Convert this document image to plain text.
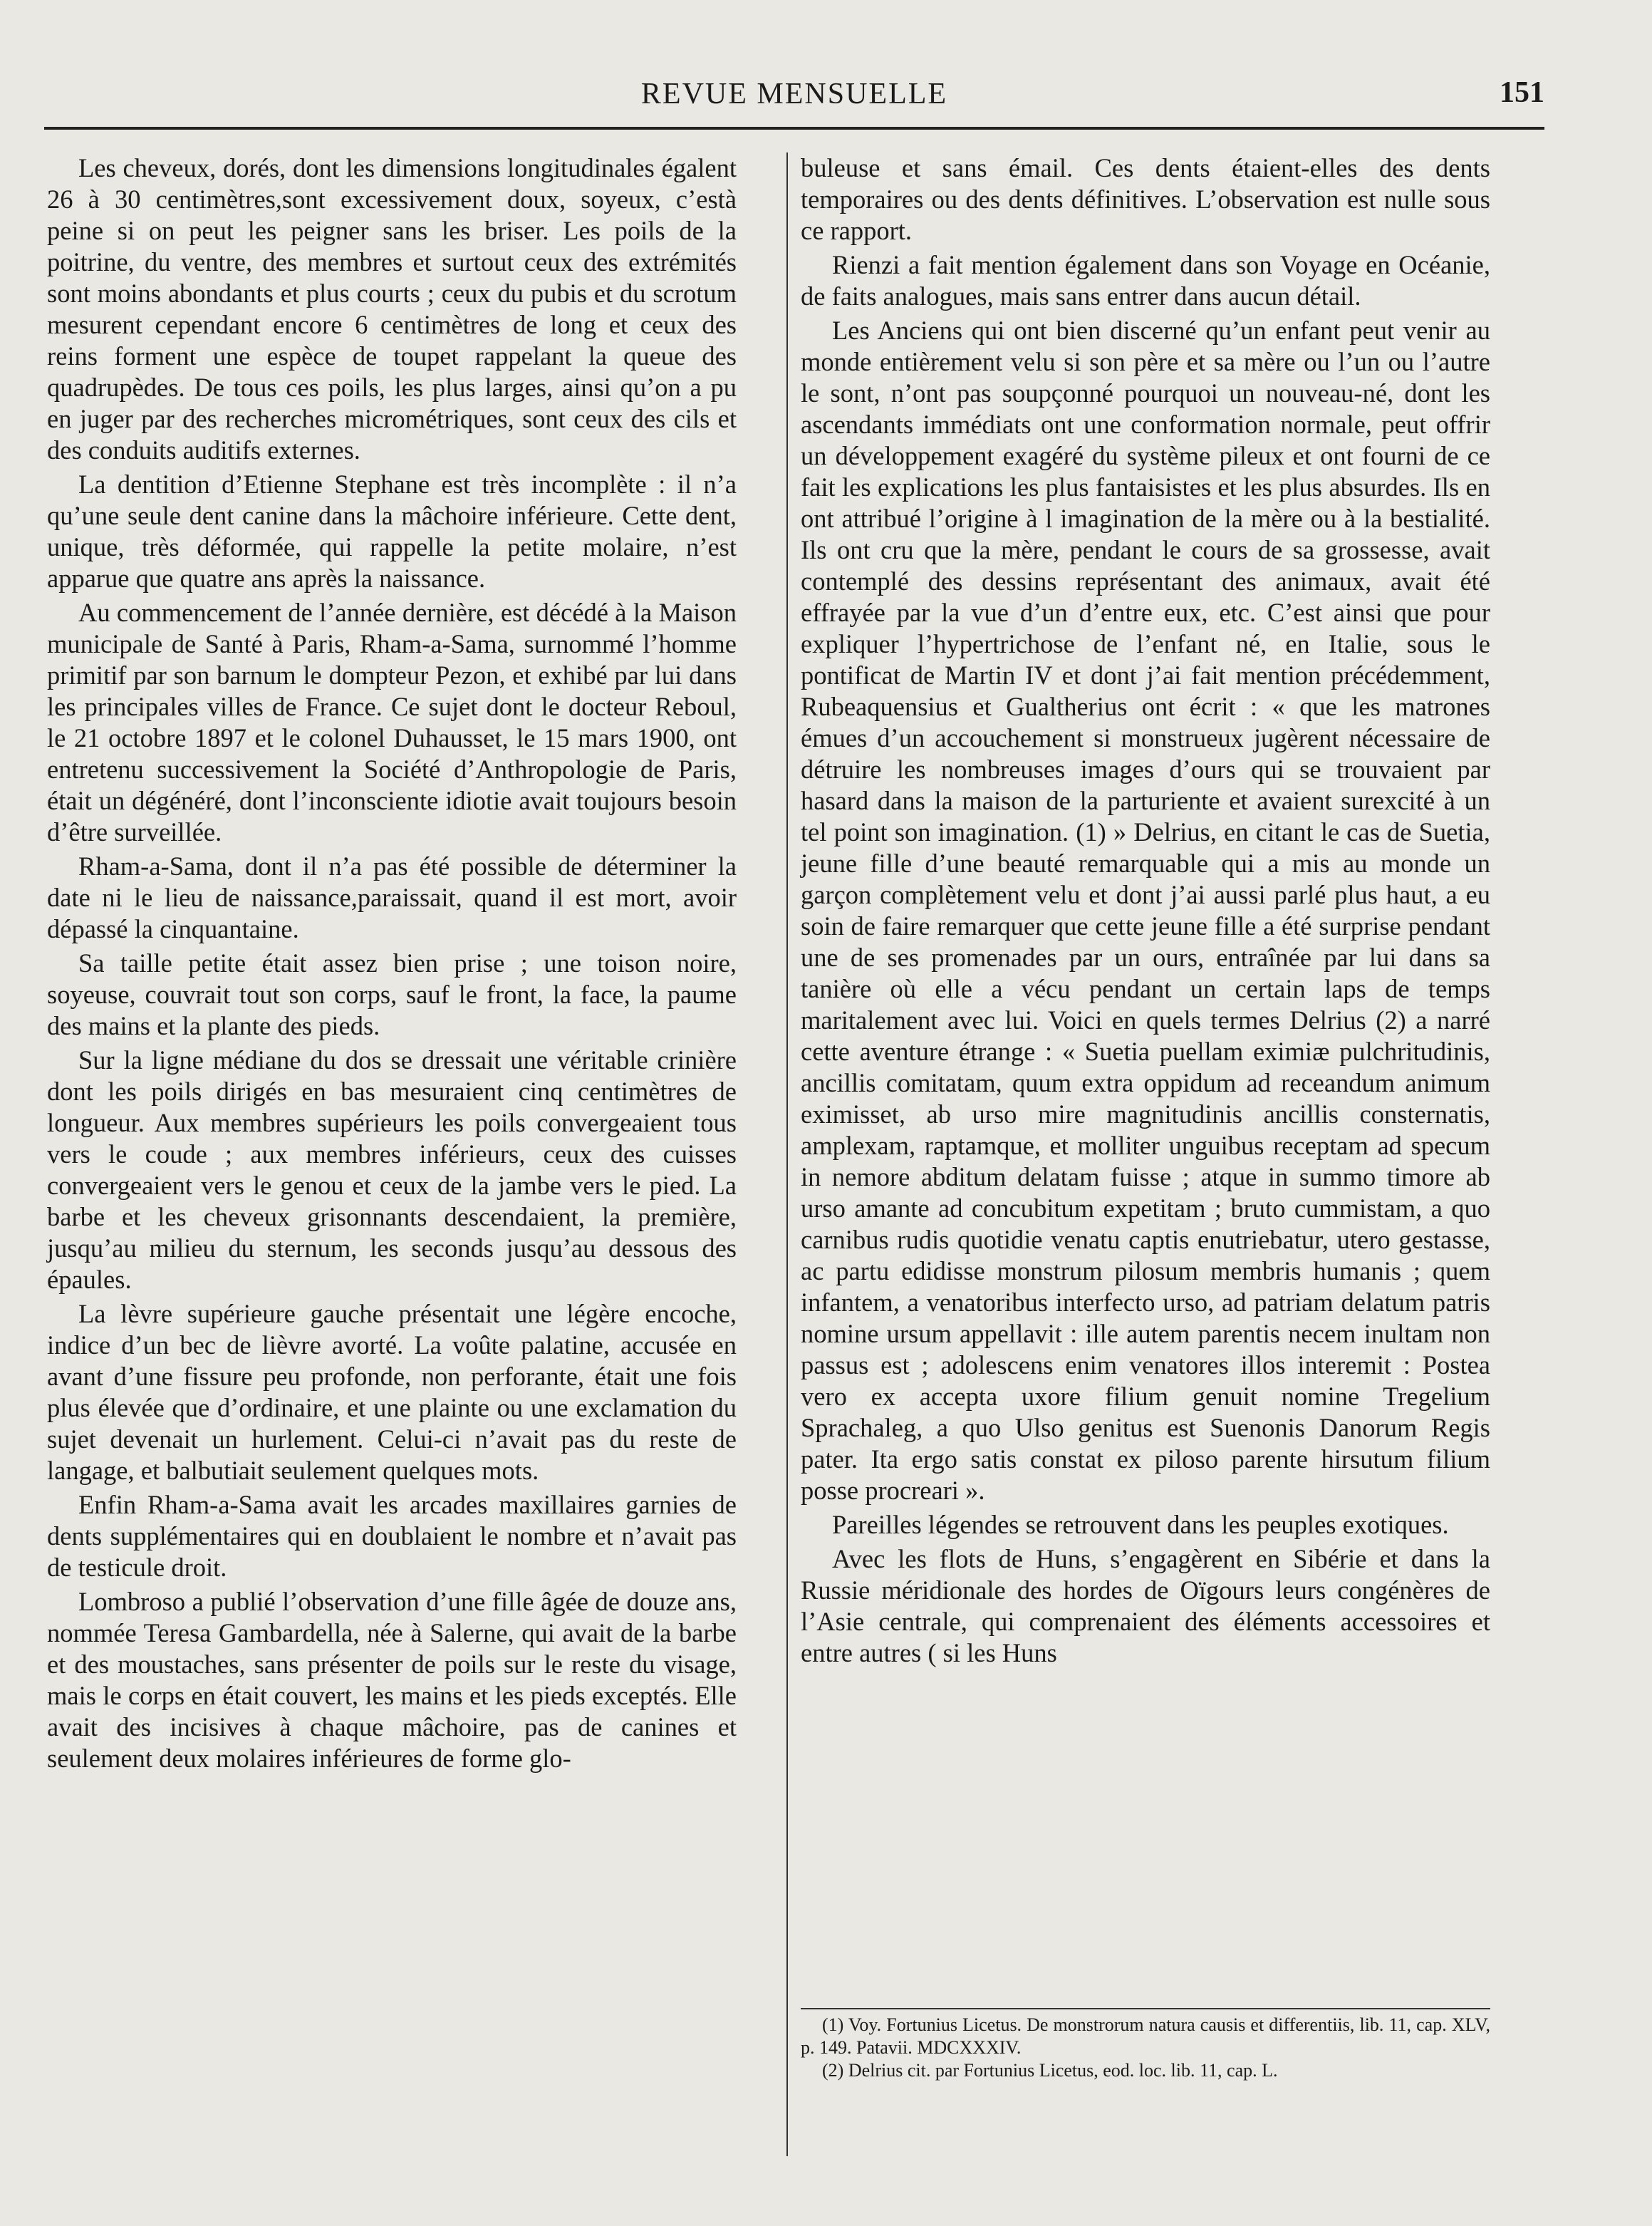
REVUE MENSUELLE	151

Les cheveux, dorés, dont les dimensions longitudinales égalent 26 à 30 centimètres,sont excessivement doux, soyeux, c’està peine si on peut les peigner sans les briser. Les poils de la poitrine, du ventre, des membres et surtout ceux des extrémités sont moins abondants et plus courts ; ceux du pubis et du scrotum mesurent cependant encore 6 centimètres de long et ceux des reins forment une espèce de toupet rappelant la queue des quadrupèdes. De tous ces poils, les plus larges, ainsi qu’on a pu en juger par des recherches micrométriques, sont ceux des cils et des conduits auditifs externes.

La dentition d’Etienne Stephane est très incomplète : il n’a qu’une seule dent canine dans la mâchoire inférieure. Cette dent, unique, très déformée, qui rappelle la petite molaire, n’est apparue que quatre ans après la naissance.

Au commencement de l’année dernière, est décédé à la Maison municipale de Santé à Paris, Rham-a-Sama, surnommé l’homme primitif par son barnum le dompteur Pezon, et exhibé par lui dans les principales villes de France. Ce sujet dont le docteur Reboul, le 21 octobre 1897 et le colonel Duhausset, le 15 mars 1900, ont entretenu successivement la Société d’Anthropologie de Paris, était un dégénéré, dont l’inconsciente idiotie avait toujours besoin d’être surveillée.

Rham-a-Sama, dont il n’a pas été possible de déterminer la date ni le lieu de naissance,paraissait, quand il est mort, avoir dépassé la cinquantaine.

Sa taille petite était assez bien prise ; une toison noire, soyeuse, couvrait tout son corps, sauf le front, la face, la paume des mains et la plante des pieds.

Sur la ligne médiane du dos se dressait une véritable crinière dont les poils dirigés en bas mesuraient cinq centimètres de longueur. Aux membres supérieurs les poils convergeaient tous vers le coude ; aux membres inférieurs, ceux des cuisses convergeaient vers le genou et ceux de la jambe vers le pied. La barbe et les cheveux grisonnants descendaient, la première, jusqu’au milieu du sternum, les seconds jusqu’au dessous des épaules.

La lèvre supérieure gauche présentait une légère encoche, indice d’un bec de lièvre avorté. La voûte palatine, accusée en avant d’une fissure peu profonde, non perforante, était une fois plus élevée que d’ordinaire, et une plainte ou une exclamation du sujet devenait un hurlement. Celui-ci n’avait pas du reste de langage, et balbutiait seulement quelques mots.

Enfin Rham-a-Sama avait les arcades maxillaires garnies de dents supplémentaires qui en doublaient le nombre et n’avait pas de testicule droit.

Lombroso a publié l’observation d’une fille âgée de douze ans, nommée Teresa Gambardella, née à Salerne, qui avait de la barbe et des moustaches, sans présenter de poils sur le reste du visage, mais le corps en était couvert, les mains et les pieds exceptés. Elle avait des incisives à chaque mâchoire, pas de canines et seulement deux molaires inférieures de forme glo-

buleuse et sans émail. Ces dents étaient-elles des dents temporaires ou des dents définitives. L’observation est nulle sous ce rapport.

Rienzi a fait mention également dans son Voyage en Océanie, de faits analogues, mais sans entrer dans aucun détail.

Les Anciens qui ont bien discerné qu’un enfant peut venir au monde entièrement velu si son père et sa mère ou l’un ou l’autre le sont, n’ont pas soupçonné pourquoi un nouveau-né, dont les ascendants immédiats ont une conformation normale, peut offrir un développement exagéré du système pileux et ont fourni de ce fait les explications les plus fantaisistes et les plus absurdes. Ils en ont attribué l’origine à l imagination de la mère ou à la bestialité. Ils ont cru que la mère, pendant le cours de sa grossesse, avait contemplé des dessins représentant des animaux, avait été effrayée par la vue d’un d’entre eux, etc. C’est ainsi que pour expliquer l’hypertrichose de l’enfant né, en Italie, sous le pontificat de Martin IV et dont j’ai fait mention précédemment, Rubeaquensius et Gualtherius ont écrit : « que les matrones émues d’un accouchement si monstrueux jugèrent nécessaire de détruire les nombreuses images d’ours qui se trouvaient par hasard dans la maison de la parturiente et avaient surexcité à un tel point son imagination. (1) » Delrius, en citant le cas de Suetia, jeune fille d’une beauté remarquable qui a mis au monde un garçon complètement velu et dont j’ai aussi parlé plus haut, a eu soin de faire remarquer que cette jeune fille a été surprise pendant une de ses promenades par un ours, entraînée par lui dans sa tanière où elle a vécu pendant un certain laps de temps maritalement avec lui. Voici en quels termes Delrius (2) a narré cette aventure étrange : « Suetia puellam eximiæ pulchritudinis, ancillis comitatam, quum extra oppidum ad receandum animum eximisset, ab urso mire magnitudinis ancillis consternatis, amplexam, raptamque, et molliter unguibus receptam ad specum in nemore abditum delatam fuisse ; atque in summo timore ab urso amante ad concubitum expetitam ; bruto cummistam, a quo carnibus rudis quotidie venatu captis enutriebatur, utero gestasse, ac partu edidisse monstrum pilosum membris humanis ; quem infantem, a venatoribus interfecto urso, ad patriam delatum patris nomine ursum appellavit : ille autem parentis necem inultam non passus est ; adolescens enim venatores illos interemit : Postea vero ex accepta uxore filium genuit nomine Tregelium Sprachaleg, a quo Ulso genitus est Suenonis Danorum Regis pater. Ita ergo satis constat ex piloso parente hirsutum filium posse procreari ».

Pareilles légendes se retrouvent dans les peuples exotiques.

Avec les flots de Huns, s’engagèrent en Sibérie et dans la Russie méridionale des hordes de Oïgours leurs congénères de l’Asie centrale, qui comprenaient des éléments accessoires et entre autres ( si les Huns

(1) Voy. Fortunius Licetus. De monstrorum natura causis et differentiis, lib. 11, cap. XLV, p. 149. Patavii. MDCXXXIV.

(2) Delrius cit. par Fortunius Licetus, eod. loc. lib. 11, cap. L.
